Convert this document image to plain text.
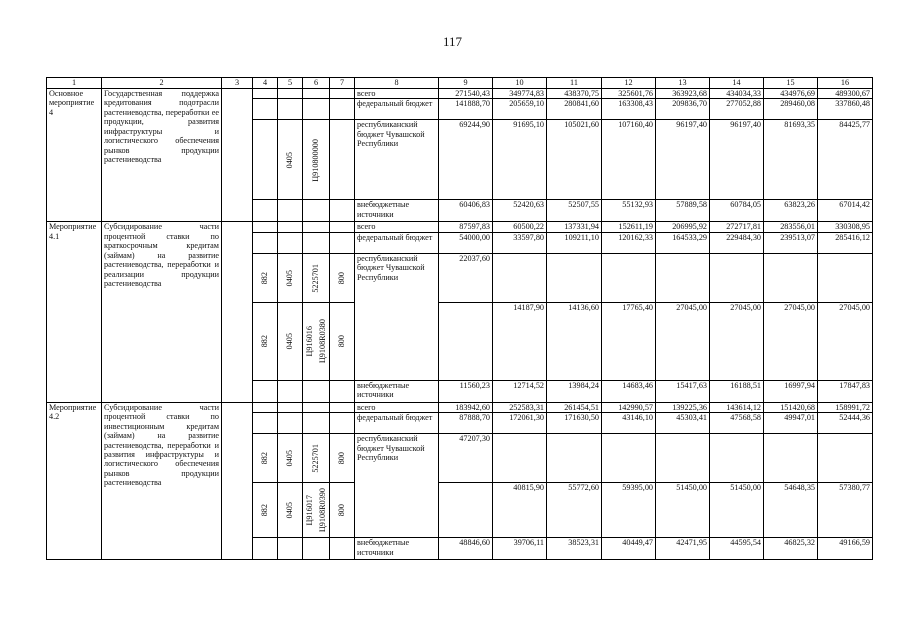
117
1	2	3	4	5	6	7	8	9	10	11	12	13	14	15	16
Основное мероприятие 4	Государственная поддержка кредитования подотрасли растениеводства, переработки ее продукции, развития инфраструктуры и логистического обеспечения рынков продукции растениеводства						всего	271540,43	349774,83	438370,75	325601,76	363923,68	434034,33	434976,69	489300,67
							федеральный бюджет	141888,70	205659,10	280841,60	163308,43	209836,70	277052,88	289460,08	337860,48

				0405	Ц910800000		республиканский бюджет Чувашской Республики	69244,90	91695,10	105021,60	107160,40	96197,40	96197,40	81693,35	84425,77
							внебюджетные источники	60406,83	52420,63	52507,55	55132,93	57889,58	60784,05	63823,26	67014,42
Мероприятие 4.1	Субсидирование части процентной ставки по краткосрочным кредитам (займам) на развитие растениеводства, переработки и реализации продукции растениеводства						всего	87597,83	60500,22	137331,94	152611,19	206995,92	272717,81	283556,01	330308,95
							федеральный бюджет	54000,00	33597,80	109211,10	120162,33	164533,29	229484,30	239513,07	285416,12

			882	0405	5225701	800	республиканский бюджет Чувашской Республики	22037,60							

			882	0405	Ц916016 Ц9108R0380	800			14187,90	14136,60	17765,40	27045,00	27045,00	27045,00	27045,00
							внебюджетные источники	11560,23	12714,52	13984,24	14683,46	15417,63	16188,51	16997,94	17847,83
Мероприятие 4.2	Субсидирование части процентной ставки по инвестиционным кредитам (займам) на развитие растениеводства, переработки и развития инфраструктуры и логистического обеспечения рынков продукции растениеводства						всего	183942,60	252583,31	261454,51	142990,57	139225,36	143614,12	151420,68	158991,72
							федеральный бюджет	87888,70	172061,30	171630,50	43146,10	45303,41	47568,58	49947,01	52444,36

			882	0405	5225701	800	республиканский бюджет Чувашской Республики	47207,30							

			882	0405	Ц916017 Ц9108R0390	800			40815,90	55772,60	59395,00	51450,00	51450,00	54648,35	57380,77
							внебюджетные источники	48846,60	39706,11	38523,31	40449,47	42471,95	44595,54	46825,32	49166,59
